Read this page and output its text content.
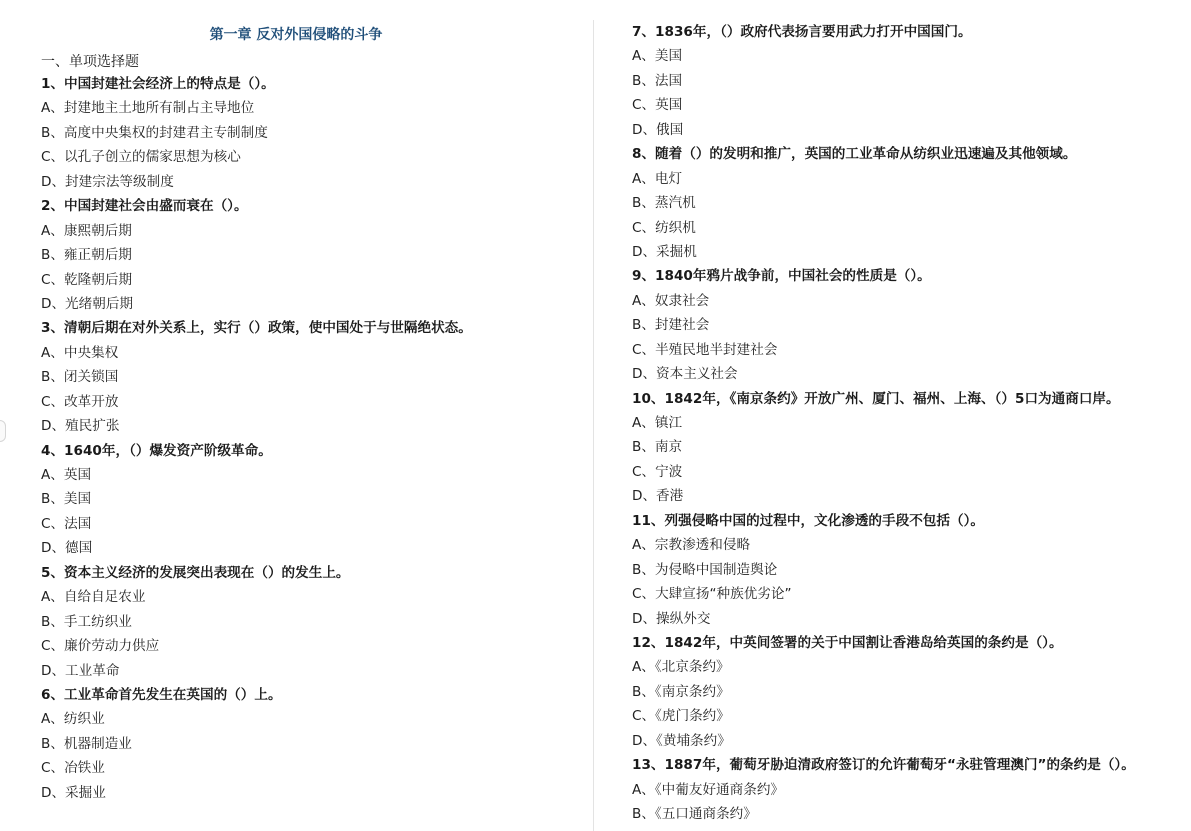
第一章 反对外国侵略的斗争
一、单项选择题
1、中国封建社会经济上的特点是（）。
A、封建地主土地所有制占主导地位
B、高度中央集权的封建君主专制制度
C、以孔子创立的儒家思想为核心
D、封建宗法等级制度
2、中国封建社会由盛而衰在（）。
A、康熙朝后期
B、雍正朝后期
C、乾隆朝后期
D、光绪朝后期
3、清朝后期在对外关系上，实行（）政策，使中国处于与世隔绝状态。
A、中央集权
B、闭关锁国
C、改革开放
D、殖民扩张
4、1640年，（）爆发资产阶级革命。
A、英国
B、美国
C、法国
D、德国
5、资本主义经济的发展突出表现在（）的发生上。
A、自给自足农业
B、手工纺织业
C、廉价劳动力供应
D、工业革命
6、工业革命首先发生在英国的（）上。
A、纺织业
B、机器制造业
C、冶铁业
D、采掘业
7、1836年，（）政府代表扬言要用武力打开中国国门。
A、美国
B、法国
C、英国
D、俄国
8、随着（）的发明和推广，英国的工业革命从纺织业迅速遍及其他领域。
A、电灯
B、蒸汽机
C、纺织机
D、采掘机
9、1840年鸦片战争前，中国社会的性质是（）。
A、奴隶社会
B、封建社会
C、半殖民地半封建社会
D、资本主义社会
10、1842年，《南京条约》开放广州、厦门、福州、上海、（）5口为通商口岸。
A、镇江
B、南京
C、宁波
D、香港
11、列强侵略中国的过程中，文化渗透的手段不包括（）。
A、宗教渗透和侵略
B、为侵略中国制造舆论
C、大肆宣扬“种族优劣论”
D、操纵外交
12、1842年，中英间签署的关于中国割让香港岛给英国的条约是（）。
A、《北京条约》
B、《南京条约》
C、《虎门条约》
D、《黄埔条约》
13、1887年，葡萄牙胁迫清政府签订的允许葡萄牙“永驻管理澳门”的条约是（）。
A、《中葡友好通商条约》
B、《五口通商条约》
